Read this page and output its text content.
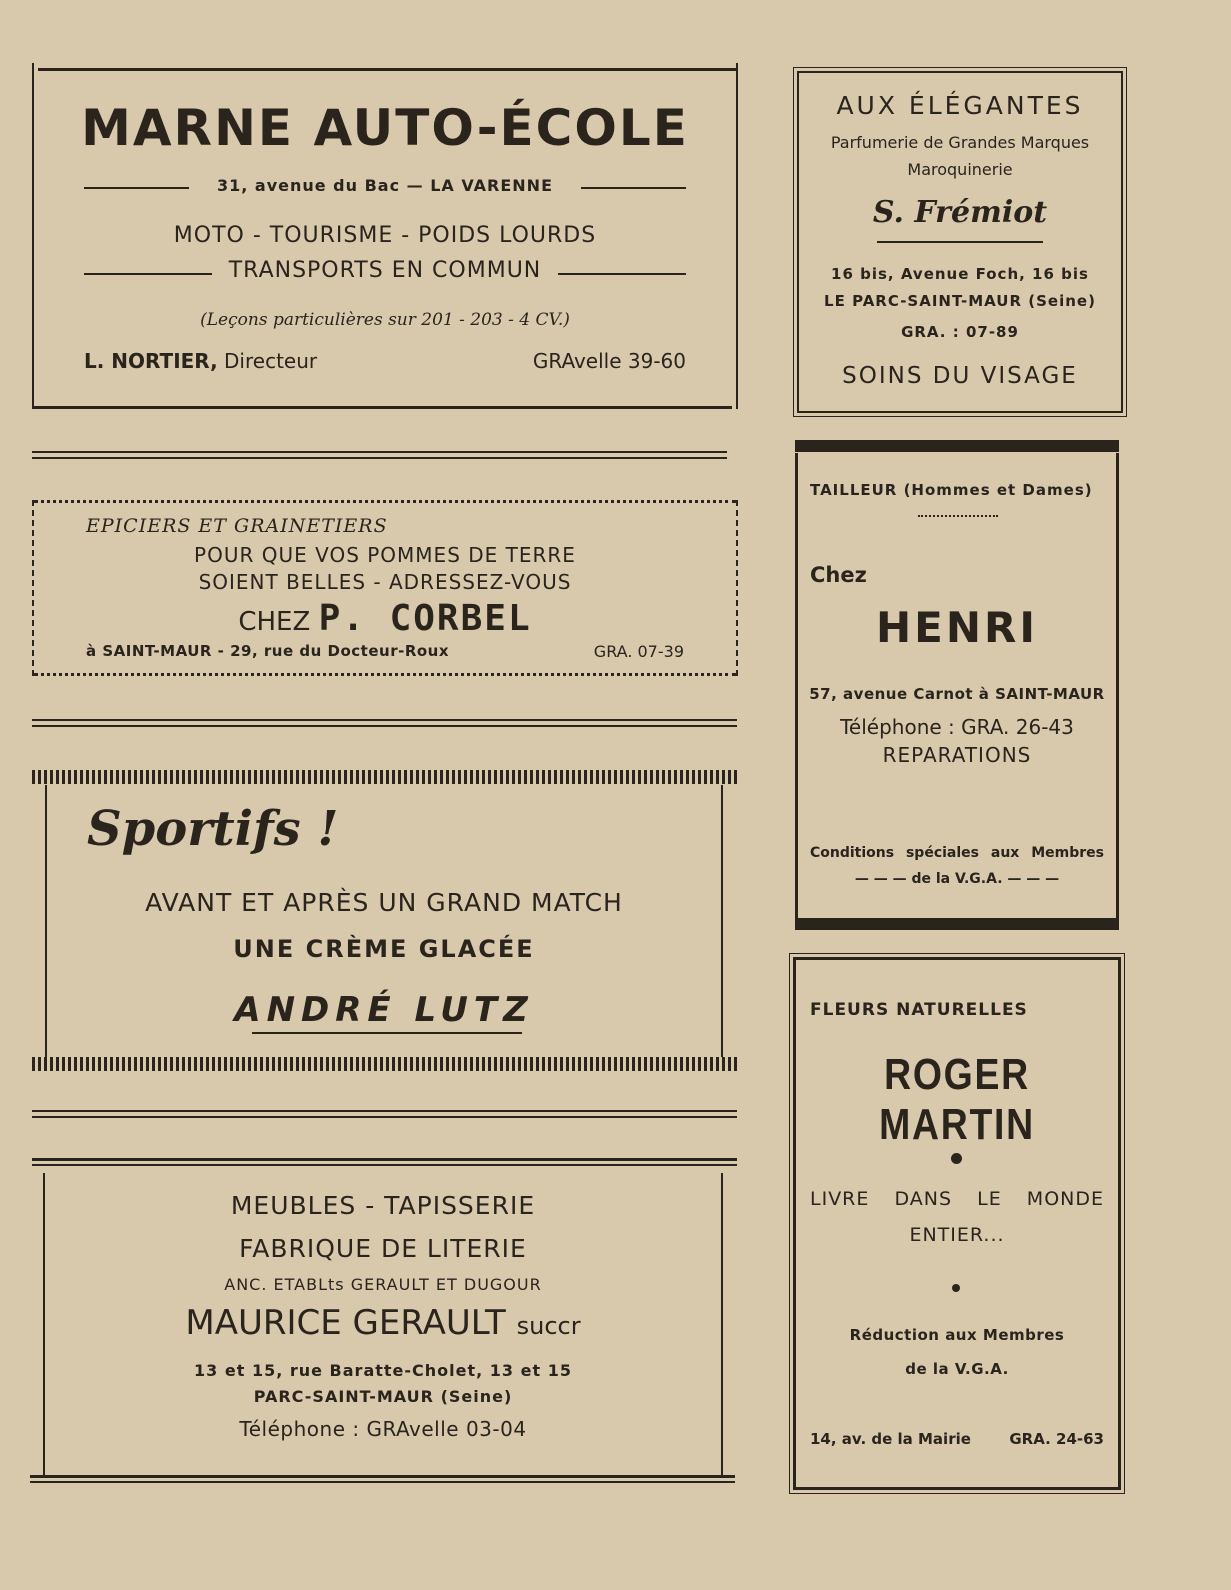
MARNE AUTO-ÉCOLE
31, avenue du Bac — LA VARENNE
MOTO - TOURISME - POIDS LOURDS
TRANSPORTS EN COMMUN
(Leçons particulières sur 201 - 203 - 4 CV.)
L. NORTIER, Directeur	GRAvelle 39-60
EPICIERS ET GRAINETIERS
POUR QUE VOS POMMES DE TERRE
SOIENT BELLES - ADRESSEZ-VOUS
CHEZ P. CORBEL
à SAINT-MAUR - 29, rue du Docteur-Roux	GRA. 07-39
Sportifs !
AVANT ET APRÈS UN GRAND MATCH
UNE CRÈME GLACÉE
ANDRÉ LUTZ
MEUBLES - TAPISSERIE
FABRIQUE DE LITERIE
ANC. ETABLts GERAULT ET DUGOUR
MAURICE GERAULT succr
13 et 15, rue Baratte-Cholet, 13 et 15
PARC-SAINT-MAUR (Seine)
Téléphone : GRAvelle 03-04
AUX ÉLÉGANTES
Parfumerie de Grandes Marques
Maroquinerie
S. Frémiot
16 bis, Avenue Foch, 16 bis
LE PARC-SAINT-MAUR (Seine)
GRA. : 07-89
SOINS DU VISAGE
TAILLEUR (Hommes et Dames)
Chez
HENRI
57, avenue Carnot à SAINT-MAUR
Téléphone : GRA. 26-43
REPARATIONS
Conditions spéciales aux Membres
— — — de la V.G.A. — — —
FLEURS NATURELLES
ROGER MARTIN
LIVRE DANS LE MONDE
ENTIER...
Réduction aux Membres
de la V.G.A.
14, av. de la Mairie	GRA. 24-63
